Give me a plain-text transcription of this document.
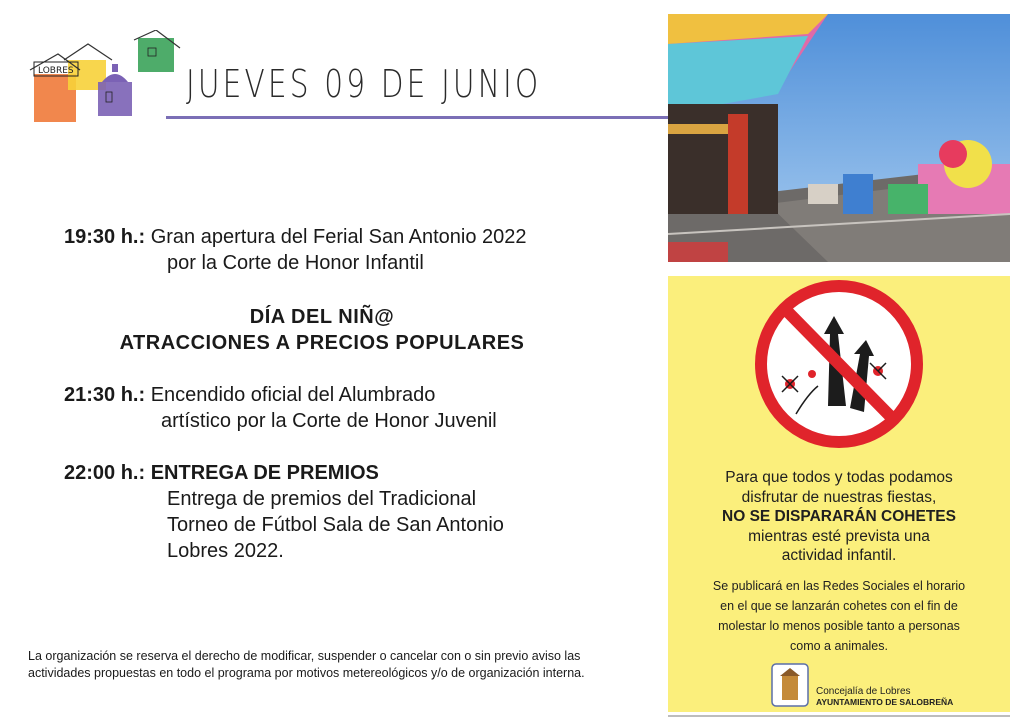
LOBRES	JUEVES 09 DE JUNIO
19:30 h.: Gran apertura del Ferial San Antonio 2022
por la Corte de Honor Infantil
DÍA DEL NIÑ@
ATRACCIONES A PRECIOS POPULARES
21:30 h.: Encendido oficial del Alumbrado
artístico por la Corte de Honor Juvenil
22:00 h.: ENTREGA DE PREMIOS
Entrega de premios del Tradicional
Torneo de Fútbol Sala de San Antonio
Lobres 2022.
La organización se reserva el derecho de modificar, suspender o cancelar con o sin previo aviso las actividades propuestas en todo el programa por motivos metereológicos y/o de organización interna.
Para que todos y todas podamos
disfrutar de nuestras fiestas,
NO SE DISPARARÁN COHETES
mientras esté prevista una
actividad infantil.
Se publicará en las Redes Sociales el horario
en el que se lanzarán cohetes con el fin de
molestar lo menos posible tanto a personas
como a animales.
Concejalía de Lobres
AYUNTAMIENTO DE SALOBREÑA
